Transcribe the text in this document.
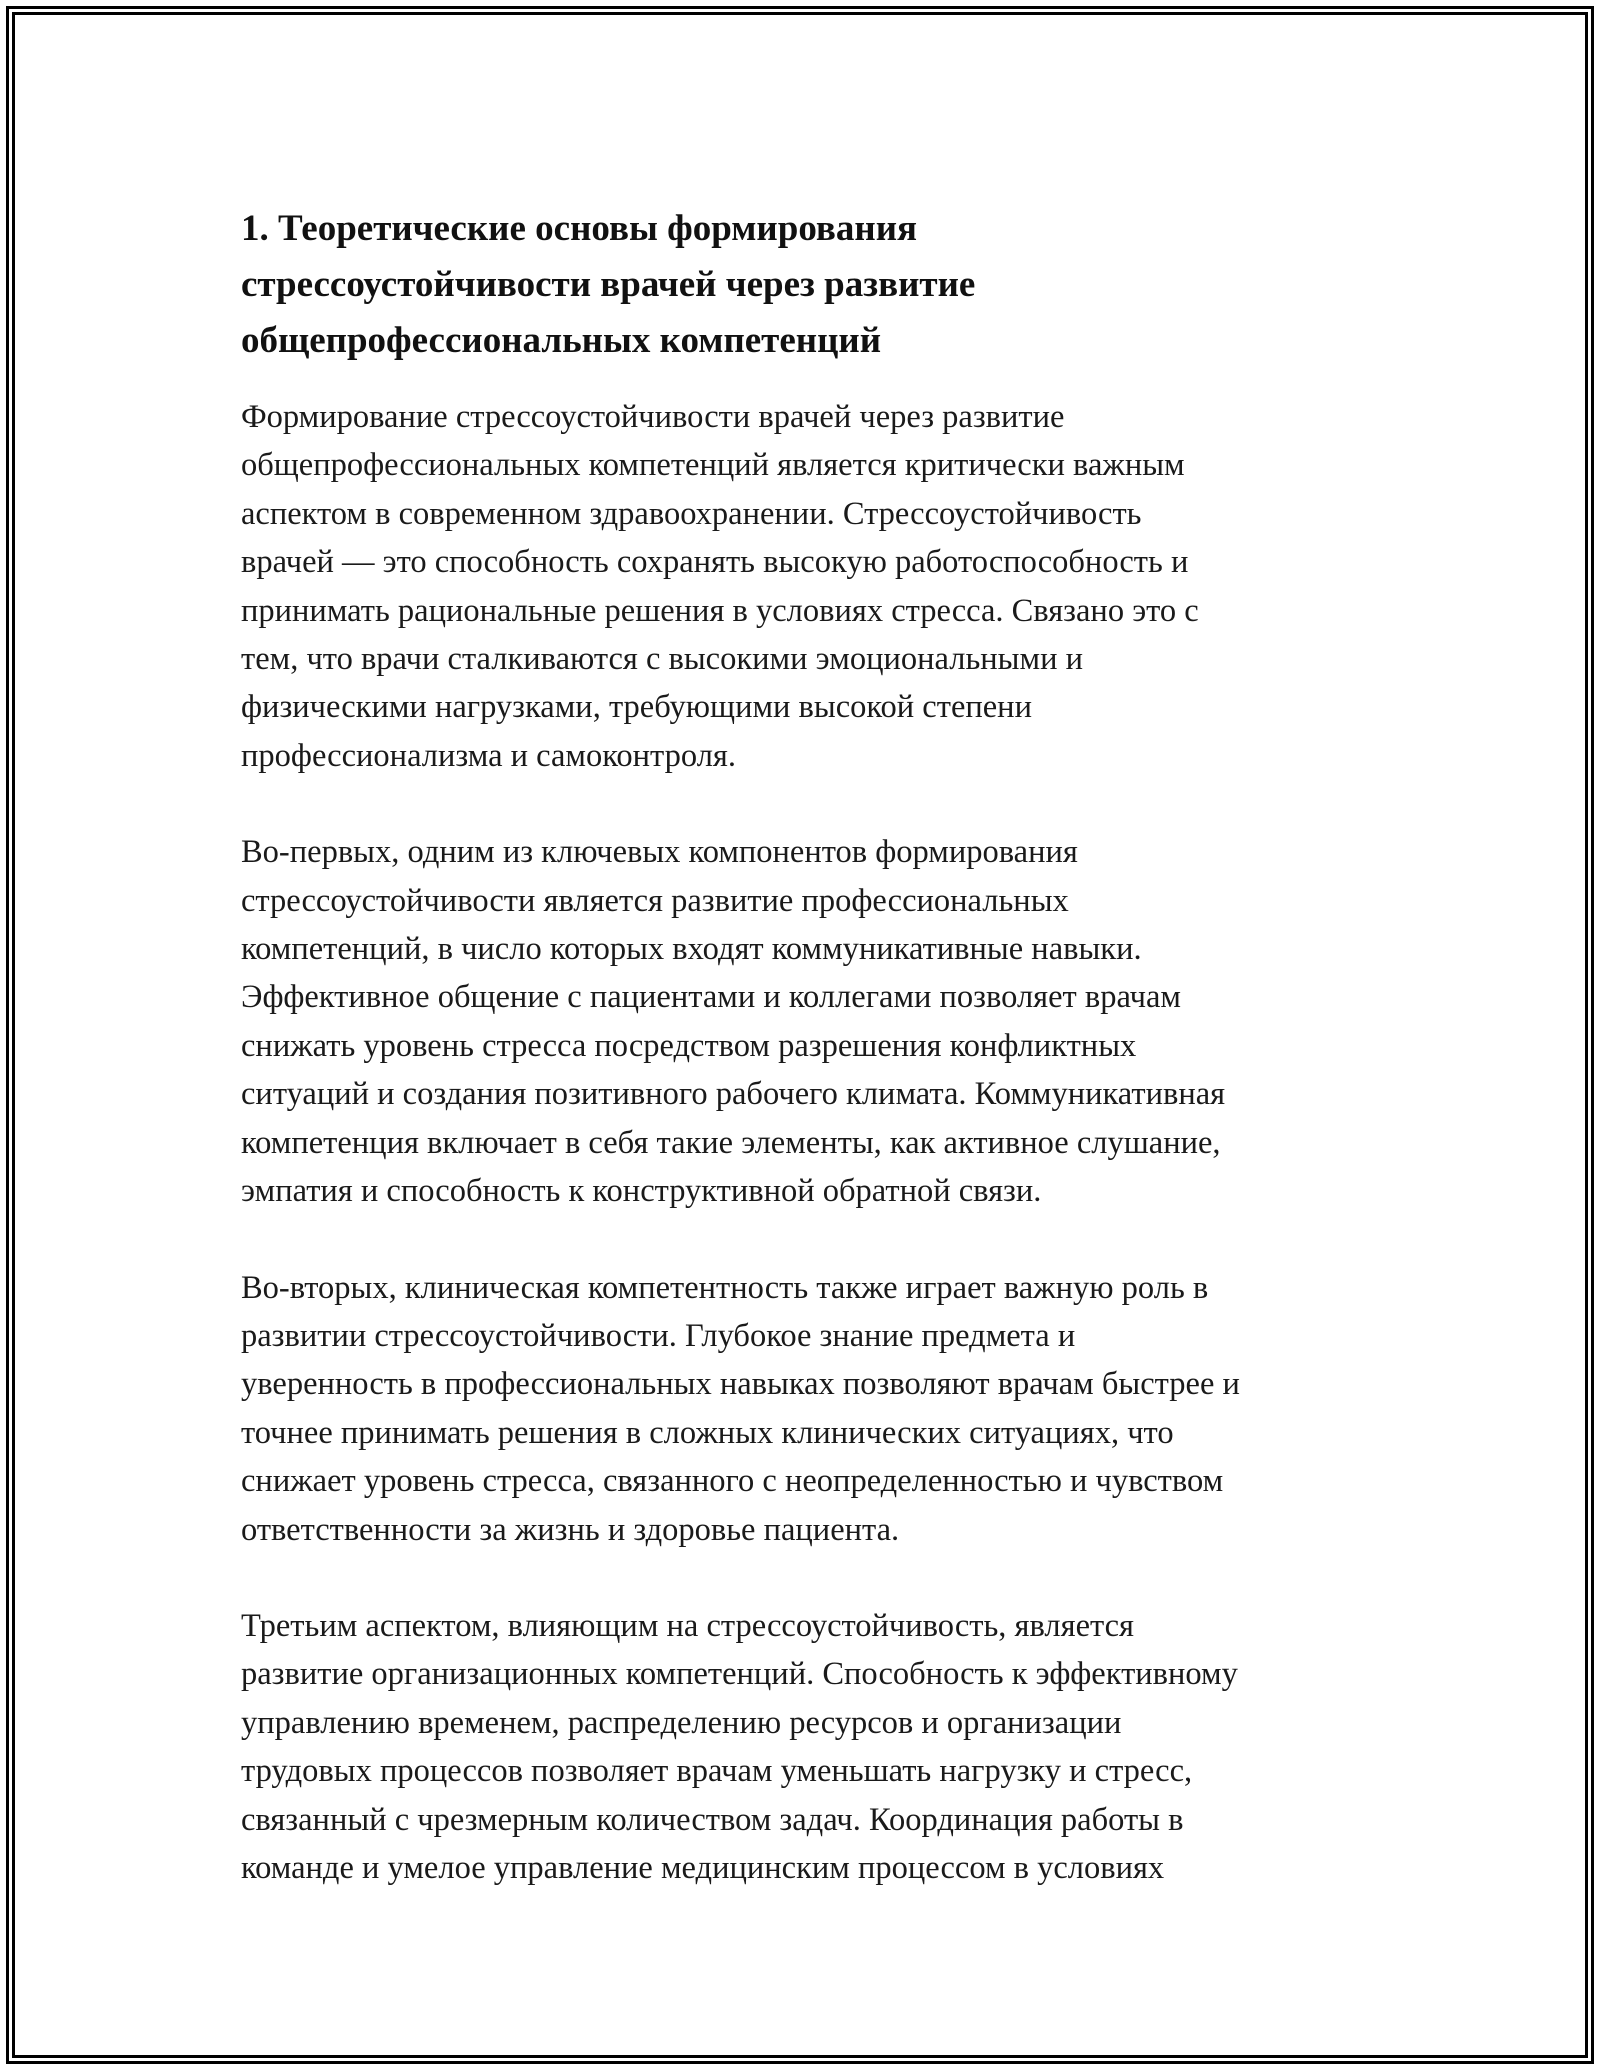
1. Теоретические основы формирования
стрессоустойчивости врачей через развитие
общепрофессиональных компетенций

Формирование стрессоустойчивости врачей через развитие
общепрофессиональных компетенций является критически важным
аспектом в современном здравоохранении. Стрессоустойчивость
врачей — это способность сохранять высокую работоспособность и
принимать рациональные решения в условиях стресса. Связано это с
тем, что врачи сталкиваются с высокими эмоциональными и
физическими нагрузками, требующими высокой степени
профессионализма и самоконтроля.

Во-первых, одним из ключевых компонентов формирования
стрессоустойчивости является развитие профессиональных
компетенций, в число которых входят коммуникативные навыки.
Эффективное общение с пациентами и коллегами позволяет врачам
снижать уровень стресса посредством разрешения конфликтных
ситуаций и создания позитивного рабочего климата. Коммуникативная
компетенция включает в себя такие элементы, как активное слушание,
эмпатия и способность к конструктивной обратной связи.

Во-вторых, клиническая компетентность также играет важную роль в
развитии стрессоустойчивости. Глубокое знание предмета и
уверенность в профессиональных навыках позволяют врачам быстрее и
точнее принимать решения в сложных клинических ситуациях, что
снижает уровень стресса, связанного с неопределенностью и чувством
ответственности за жизнь и здоровье пациента.

Третьим аспектом, влияющим на стрессоустойчивость, является
развитие организационных компетенций. Способность к эффективному
управлению временем, распределению ресурсов и организации
трудовых процессов позволяет врачам уменьшать нагрузку и стресс,
связанный с чрезмерным количеством задач. Координация работы в
команде и умелое управление медицинским процессом в условиях
